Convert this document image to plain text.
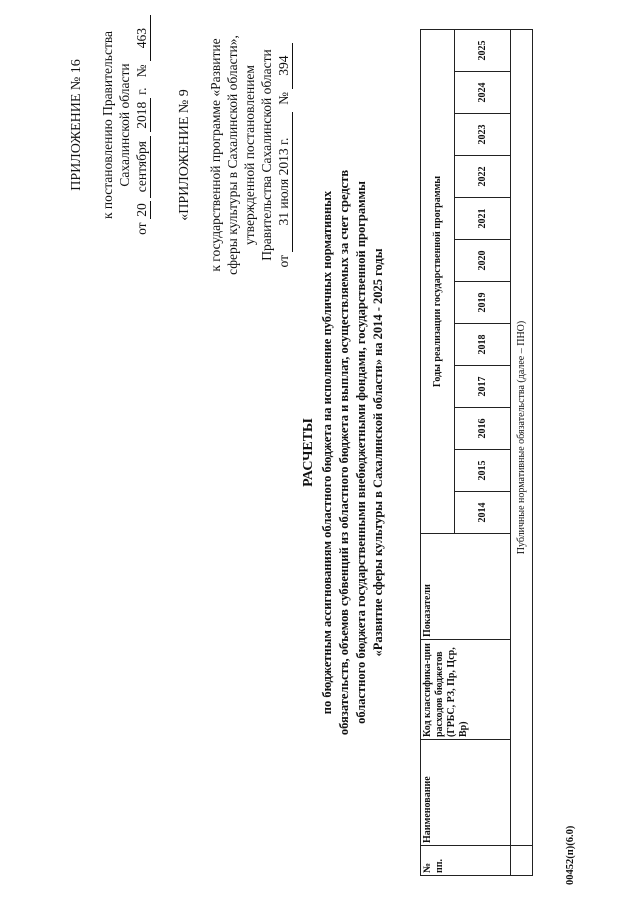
ПРИЛОЖЕНИЕ № 16 к постановлению Правительства Сахалинской области
от 20 сентября 2018 г.   № 463
«ПРИЛОЖЕНИЕ № 9 к государственной программе «Развитие сферы культуры в Сахалинской области», утвержденной постановлением Правительства Сахалинской области
от 31 июля 2013 г.  № 394
РАСЧЕТЫ по бюджетным ассигнованиям областного бюджета на исполнение публичных нормативных обязательств, объемов субвенций из областного бюджета и выплат, осуществляемых за счет средств областного бюджета государственными внебюджетными фондами, государственной программы «Развитие сферы культуры в Сахалинской области» на 2014 - 2025 годы
№ пп.	Наименование	Код классифика-ции расходов бюджетов (ГРБС, РЗ, Пр, Цср, Вр)	Показатели	Годы реализации государственной программы											
				2014	2015	2016	2017	2018	2019	2020	2021	2022	2023	2024	2025
	Публичные нормативные обязательства (далее – ПНО)														
00452(п)(6.0)
